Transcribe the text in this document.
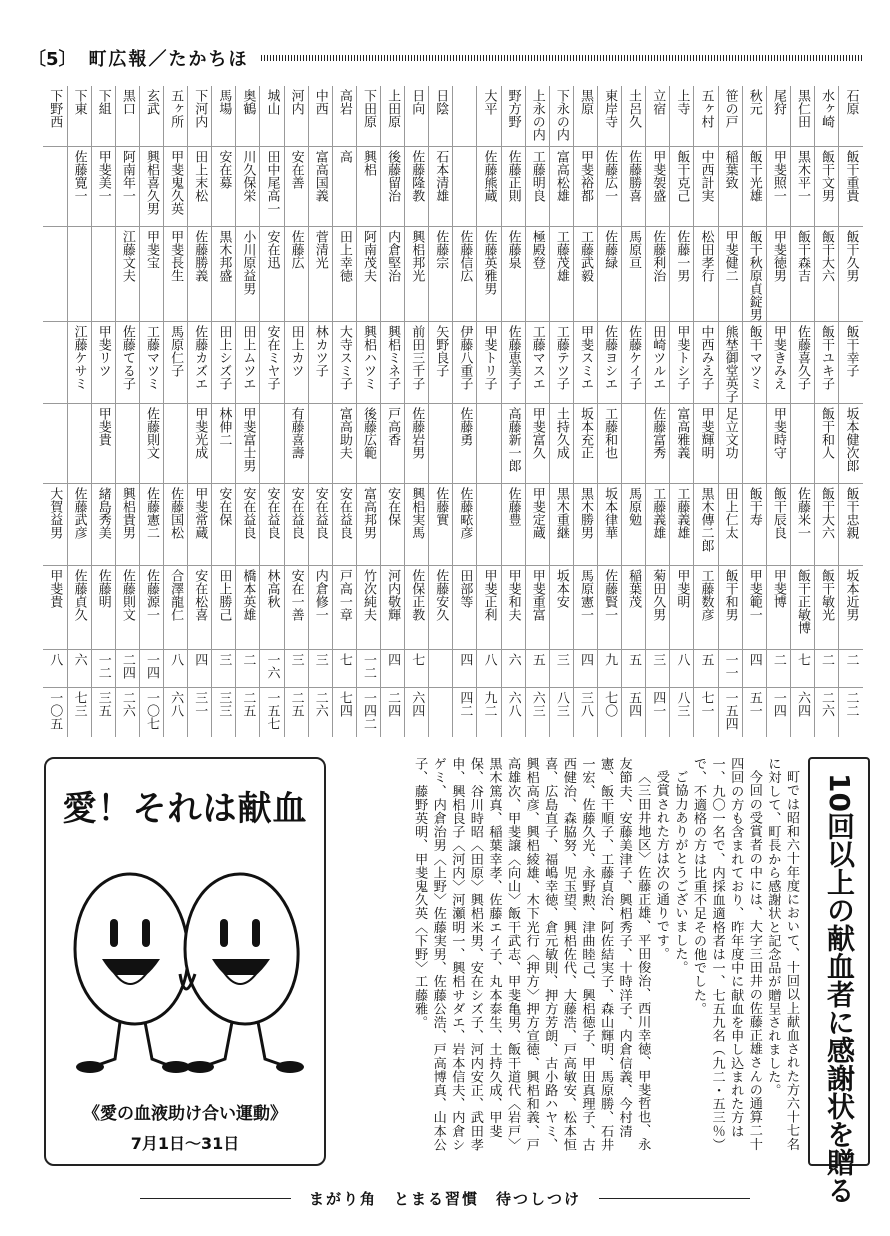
〔5〕 町広報／たかちほ
下野西	下東	下組	黒口	玄武	五ヶ所	下河内	馬場	奥鶴	城山	河内	中西	高岩	下田原	上田原	日向	日陰		大平	野方野	上永の内	下永の内	黒原	東岸寺	土呂久	立宿	上寺	五ヶ村	笹の戸	秋元	尾狩	黒仁田	水ヶ崎	石原

	佐藤寛一	甲斐美一	阿南年一	興梠喜久男	甲斐鬼久英	田上末松	安在募	川久保栄	田中尾高一	安在善	富高国義	高	興梠	後藤留治	佐藤隆教	石本清雄		佐藤熊蔵	佐藤正則	工藤明良	富高松雄	甲斐裕都	佐藤広一	佐藤勝喜	甲斐袈盛	飯干克己	中西計実	稲葉致	飯干光雄	甲斐照一	黒木平一	飯干文男	飯干重貴

			江藤文夫	甲斐宝	甲斐長生	佐藤勝義	黒木邦盛	小川原益男	安在迅	佐藤広	菅清光	田上幸徳	阿南茂夫	内倉堅治	興梠邦光	佐藤宗	佐藤信広	佐藤英雅男	佐藤泉	極殿登	工藤茂雄	工藤武毅	佐藤緑	馬原亘	佐藤利治	佐藤一男	松田孝行	甲斐健二	飯干秋原貞錠男	甲斐徳男	飯干森吉	飯干大六	飯干久男

	江藤ケサミ	甲斐リツ	佐藤てる子	工藤マツミ	馬原仁子	佐藤カズエ	田上シズ子	田上ムツエ	安在ミヤ子	田上カツ	林カツ子	大寺スミ子	興梠ハツミ	興梠ミネ子	前田三千子	矢野良子	伊藤八重子	甲斐トリ子	佐藤恵美子	工藤マスエ	工藤テツ子	甲斐スミエ	佐藤ヨシエ	佐藤ケイ子	田崎ツルエ	甲斐トシ子	中西みえ子	熊埜御堂英子	飯干マツミ	甲斐きみえ	佐藤喜久子	飯干ユキ子	飯干幸子

		甲斐貴		佐藤則文		甲斐光成	林伸二	甲斐富士男		有藤喜壽		富高助夫	後藤広範	戸高香	佐藤岩男		佐藤勇		高藤新一郎	甲斐富久	土持久成	坂本充正	工藤和也		佐藤富秀	富高雅義	甲斐輝明	足立文功		甲斐時守		飯干和人	坂本健次郎

大賀益男	佐藤武彦	緒島秀美	興梠貴男	佐藤憲二	佐藤国松	甲斐常蔵	安在保	安在益良	安在益良	安在益良	安在益良	安在益良	富高邦男	安在保	興梠実馬	佐藤實	佐藤畩彦		佐藤豊	甲斐定蔵	黒木重継	黒木勝男	坂本律華	馬原勉	工藤義雄	工藤義雄	黒木傳二郎	田上仁太	飯干寿	飯干辰良	佐藤米一	飯干大六	飯干忠親

甲斐貴	佐藤貞久	佐藤明	佐藤則文	佐藤源一	合澤龍仁	安在松喜	田上勝己	橋本英雄	林高秋	安在一善	内倉修一	戸高一章	竹次純夫	河内敬輝	佐保正教	佐藤安久	田部等	甲斐正利	甲斐和夫	甲斐重富	坂本安	馬原憲一	佐藤賢一	稲葉茂	菊田久男	甲斐明	工藤数彦	飯干和男	甲斐範一	甲斐博	飯干正敏博	飯干敏光	坂本近男

八	六	一二	二四	一四	八	四	三	二	一六	三	三	七	一二	四	七		四	八	六	五	三	四	九	五	三	八	五	一一	四	二	七	二	二

一〇五	七三	三五	二六	一〇七	六八	三一	三三	二五	一五七	二五	二六	七四	一四二	二四	六四		四二	九二	六八	六三	八三	三八	七〇	五四	四一	八三	七一	一五四	五一	一四	六四	二六	二二
愛！それは献血
《愛の血液助け合い運動》
7月1日〜31日	10回以上の献血者に感謝状を贈る

町では昭和六十年度において、十回以上献血された方六十七名に対して、町長から感謝状と記念品が贈呈されました。

今回の受賞者の中には、大字三田井の佐藤正雄さんの通算二十四回の方も含まれており、昨年度中に献血を申し込まれた方は一、九〇一名で、内採血適格者は一、七五九名（九二・五三％）で、不適格の方は比重不足その他でした。

ご協力ありがとうございました。

受賞された方は次の通りです。

〈三田井地区〉佐藤正雄、平田俊治、西川幸徳、甲斐哲也、永友節夫、安藤美津子、興梠秀子、十時洋子、内倉信義、今村清憲、飯干順子、工藤貞治、阿佐結実子、森山輝明、馬原勝、石井一宏、佐藤久光、永野勲、津曲睦己、興梠徳子、甲田真理子、古西健治、森脇努、児玉望、興梠佐代、大藤浩、戸高敏安、松本恒喜、広島直子、福嶋幸徳、倉元敏則、押方芳朗、古小路ハヤミ、興梠高彦、興梠綾雄、木下光行〈押方〉押方宣徳、興梠和義、戸高雄次、甲斐譲〈向山〉飯干武志、甲斐亀男、飯干道代〈岩戸〉黒木篤真、稲葉幸孝、佐藤エイ子、丸本泰生、土持久成、甲斐保、谷川時昭〈田原〉興梠米男、安在シズ子、河内安正、武田孝申、興梠良子〈河内〉河瀬明一、興梠サダエ、岩本信夫、内倉シゲミ、内倉治男〈上野〉佐藤実男、佐藤公浩、戸高博真、山本公子、藤野英明、甲斐鬼久英〈下野〉工藤雅。

まがり角　とまる習慣　待つしつけ
